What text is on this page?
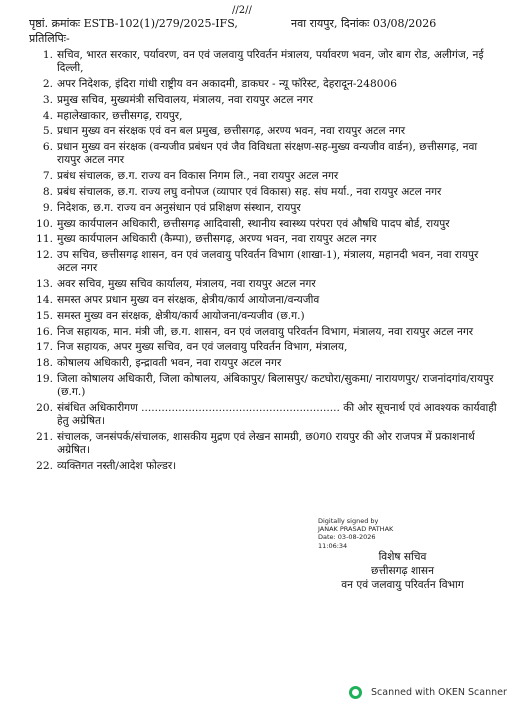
//2//
पृष्ठां. क्रमांकः ESTB-102(1)/279/2025-IFS,	नवा रायपुर, दिनांकः 03/08/2026
प्रतिलिपिः-
1. सचिव, भारत सरकार, पर्यावरण, वन एवं जलवायु परिवर्तन मंत्रालय, पर्यावरण भवन, जोर बाग रोड, अलीगंज, नई दिल्ली,
2. अपर निदेशक, इंदिरा गांधी राष्ट्रीय वन अकादमी, डाकघर - न्यू फॉरेस्ट, देहरादून-248006
3. प्रमुख सचिव, मुख्यमंत्री सचिवालय, मंत्रालय, नवा रायपुर अटल नगर
4. महालेखाकार, छत्तीसगढ़, रायपुर,
5. प्रधान मुख्य वन संरक्षक एवं वन बल प्रमुख, छत्तीसगढ़, अरण्य भवन, नवा रायपुर अटल नगर
6. प्रधान मुख्य वन संरक्षक (वन्यजीव प्रबंधन एवं जैव विविधता संरक्षण-सह-मुख्य वन्यजीव वार्डन), छत्तीसगढ़, नवा रायपुर अटल नगर
7. प्रबंध संचालक, छ.ग. राज्य वन विकास निगम लि., नवा रायपुर अटल नगर
8. प्रबंध संचालक, छ.ग. राज्य लघु वनोपज (व्यापार एवं विकास) सह. संघ मर्या., नवा रायपुर अटल नगर
9. निदेशक, छ.ग. राज्य वन अनुसंधान एवं प्रशिक्षण संस्थान, रायपुर
10. मुख्य कार्यपालन अधिकारी, छत्तीसगढ़ आदिवासी, स्थानीय स्वास्थ्य परंपरा एवं औषधि पादप बोर्ड, रायपुर
11. मुख्य कार्यपालन अधिकारी (कैम्पा), छत्तीसगढ़, अरण्य भवन, नवा रायपुर अटल नगर
12. उप सचिव, छत्तीसगढ़ शासन, वन एवं जलवायु परिवर्तन विभाग (शाखा-1), मंत्रालय, महानदी भवन, नवा रायपुर अटल नगर
13. अवर सचिव, मुख्य सचिव कार्यालय, मंत्रालय, नवा रायपुर अटल नगर
14. समस्त अपर प्रधान मुख्य वन संरक्षक, क्षेत्रीय/कार्य आयोजना/वन्यजीव
15. समस्त मुख्य वन संरक्षक, क्षेत्रीय/कार्य आयोजना/वन्यजीव (छ.ग.)
16. निज सहायक, मान. मंत्री जी, छ.ग. शासन, वन एवं जलवायु परिवर्तन विभाग, मंत्रालय, नवा रायपुर अटल नगर
17. निज सहायक, अपर मुख्य सचिव, वन एवं जलवायु परिवर्तन विभाग, मंत्रालय,
18. कोषालय अधिकारी, इन्द्रावती भवन, नवा रायपुर अटल नगर
19. जिला कोषालय अधिकारी, जिला कोषालय, अंबिकापुर/ बिलासपुर/ कटघोरा/सुकमा/ नारायणपुर/ राजनांदगांव/रायपुर (छ.ग.)
20. संबंधित अधिकारीगण ........................................................... की ओर सूचनार्थ एवं आवश्यक कार्यवाही हेतु अग्रेषित।
21. संचालक, जनसंपर्क/संचालक, शासकीय मुद्रण एवं लेखन सामग्री, छ0ग0 रायपुर की ओर राजपत्र में प्रकाशनार्थ अग्रेषित।
22. व्यक्तिगत नस्ती/आदेश फोल्डर।
Digitally signed by
JANAK PRASAD PATHAK
Date: 03-08-2026
11:06:34
विशेष सचिव
छत्तीसगढ़ शासन
वन एवं जलवायु परिवर्तन विभाग
Scanned with OKEN Scanner
